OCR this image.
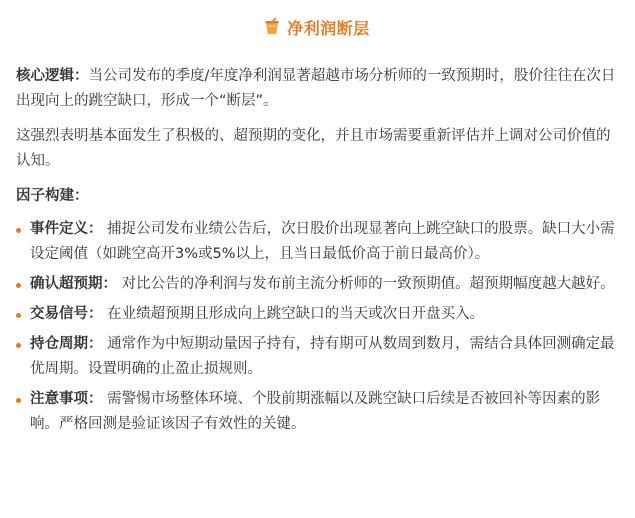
净利润断层

核心逻辑：当公司发布的季度/年度净利润显著超越市场分析师的一致预期时，股价往往在次日出现向上的跳空缺口，形成一个“断层”。

这强烈表明基本面发生了积极的、超预期的变化，并且市场需要重新评估并上调对公司价值的认知。

因子构建：
事件定义： 捕捉公司发布业绩公告后，次日股价出现显著向上跳空缺口的股票。缺口大小需设定阈值（如跳空高开3%或5%以上，且当日最低价高于前日最高价）。
确认超预期： 对比公告的净利润与发布前主流分析师的一致预期值。超预期幅度越大越好。
交易信号： 在业绩超预期且形成向上跳空缺口的当天或次日开盘买入。
持仓周期： 通常作为中短期动量因子持有，持有期可从数周到数月，需结合具体回测确定最优周期。设置明确的止盈止损规则。
注意事项： 需警惕市场整体环境、个股前期涨幅以及跳空缺口后续是否被回补等因素的影响。严格回测是验证该因子有效性的关键。
